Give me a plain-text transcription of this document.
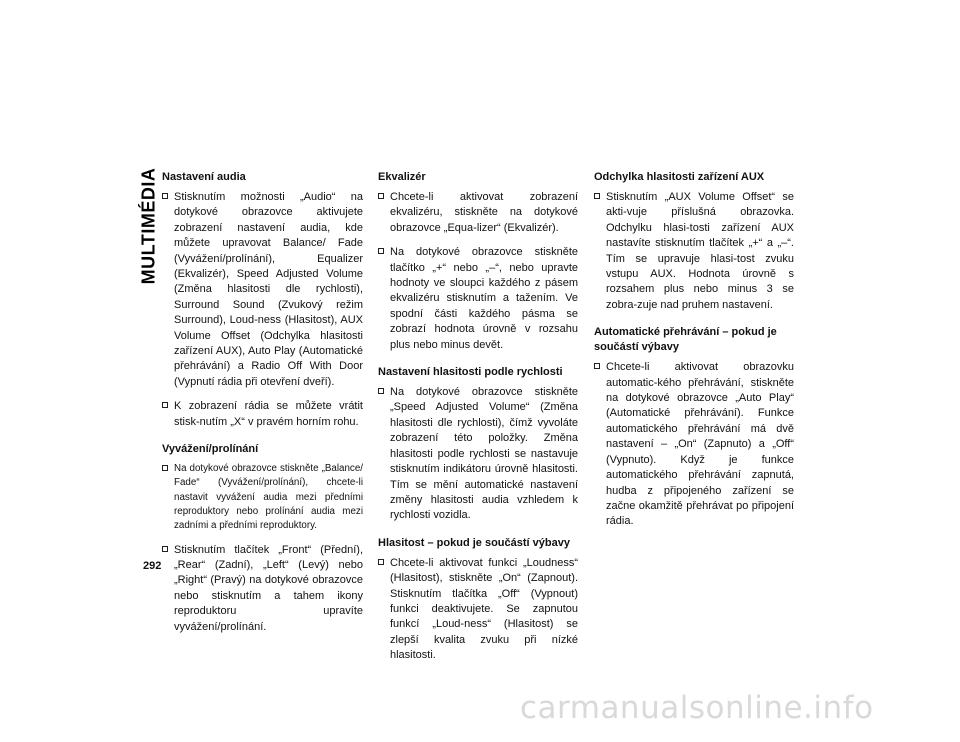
MULTIMÉDIA
292
Nastavení audia
Stisknutím možnosti „Audio“ na dotykové obrazovce aktivujete zobrazení nastavení audia, kde můžete upravovat Balance/ Fade (Vyvážení/prolínání), Equalizer (Ekvalizér), Speed Adjusted Volume (Změna hlasitosti dle rychlosti), Surround Sound (Zvukový režim Surround), Loud-ness (Hlasitost), AUX Volume Offset (Odchylka hlasitosti zařízení AUX), Auto Play (Automatické přehrávání) a Radio Off With Door (Vypnutí rádia při otevření dveří).
K zobrazení rádia se můžete vrátit stisk-nutím „X“ v pravém horním rohu.
Vyvážení/prolínání
Na dotykové obrazovce stiskněte „Balance/ Fade“ (Vyvážení/prolínání), chcete-li nastavit vyvážení audia mezi předními reproduktory nebo prolínání audia mezi zadními a předními reproduktory.
Stisknutím tlačítek „Front“ (Přední), „Rear“ (Zadní), „Left“ (Levý) nebo „Right“ (Pravý) na dotykové obrazovce nebo stisknutím a tahem ikony reproduktoru upravíte vyvážení/prolínání.
Ekvalizér
Chcete-li aktivovat zobrazení ekvalizéru, stiskněte na dotykové obrazovce „Equa-lizer“ (Ekvalizér).
Na dotykové obrazovce stiskněte tlačítko „+“ nebo „–“, nebo upravte hodnoty ve sloupci každého z pásem ekvalizéru stisknutím a tažením. Ve spodní části každého pásma se zobrazí hodnota úrovně v rozsahu plus nebo minus devět.
Nastavení hlasitosti podle rychlosti
Na dotykové obrazovce stiskněte „Speed Adjusted Volume“ (Změna hlasitosti dle rychlosti), čímž vyvoláte zobrazení této položky. Změna hlasitosti podle rychlosti se nastavuje stisknutím indikátoru úrovně hlasitosti. Tím se mění automatické nastavení změny hlasitosti audia vzhledem k rychlosti vozidla.
Hlasitost – pokud je součástí výbavy
Chcete-li aktivovat funkci „Loudness“ (Hlasitost), stiskněte „On“ (Zapnout). Stisknutím tlačítka „Off“ (Vypnout) funkci deaktivujete. Se zapnutou funkcí „Loud-ness“ (Hlasitost) se zlepší kvalita zvuku při nízké hlasitosti.
Odchylka hlasitosti zařízení AUX
Stisknutím „AUX Volume Offset“ se akti-vuje příslušná obrazovka. Odchylku hlasi-tosti zařízení AUX nastavíte stisknutím tlačítek „+“ a „–“. Tím se upravuje hlasi-tost zvuku vstupu AUX. Hodnota úrovně s rozsahem plus nebo minus 3 se zobra-zuje nad pruhem nastavení.
Automatické přehrávání – pokud je součástí výbavy
Chcete-li aktivovat obrazovku automatic-kého přehrávání, stiskněte na dotykové obrazovce „Auto Play“ (Automatické přehrávání). Funkce automatického přehrávání má dvě nastavení – „On“ (Zapnuto) a „Off“ (Vypnuto). Když je funkce automatického přehrávání zapnutá, hudba z připojeného zařízení se začne okamžitě přehrávat po připojení rádia.
carmanualsonline.info
